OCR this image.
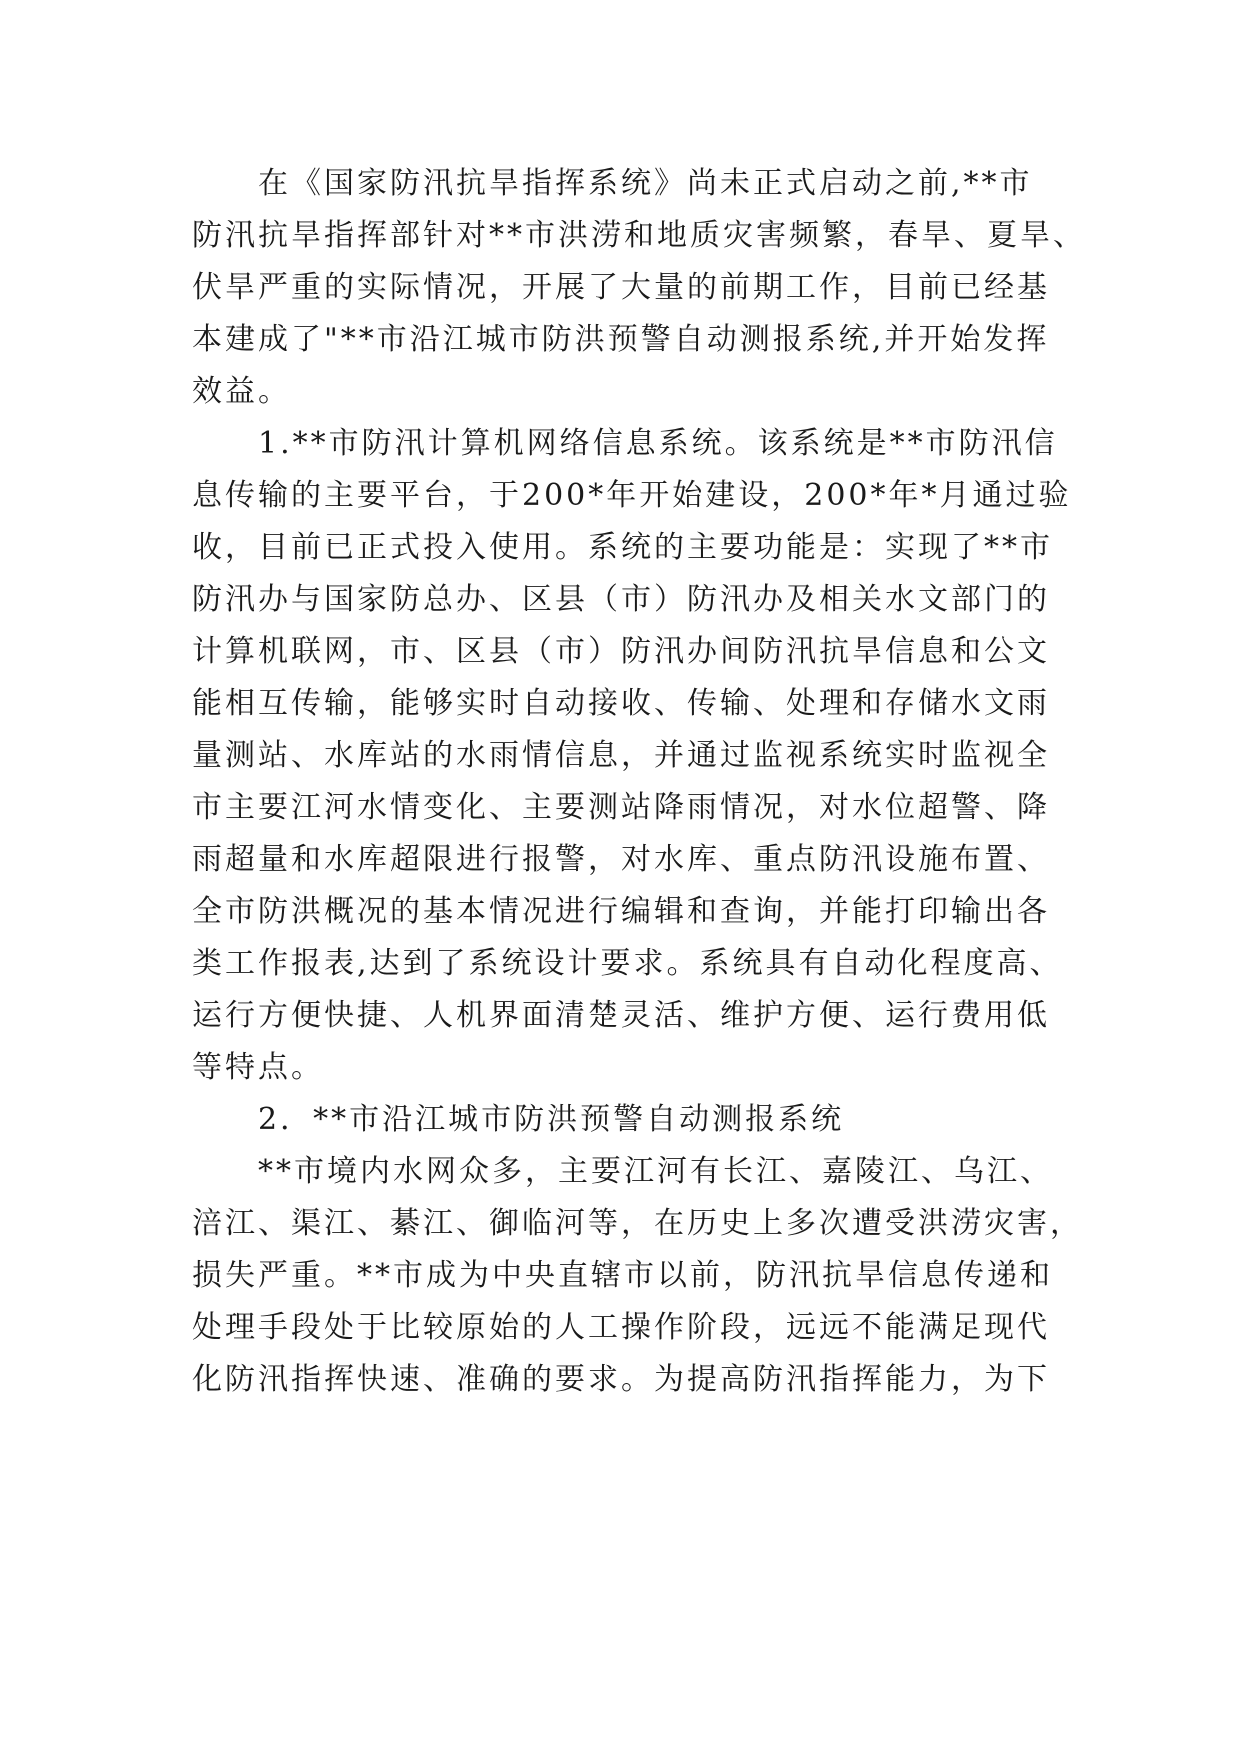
在《国家防汛抗旱指挥系统》尚未正式启动之前,**市
防汛抗旱指挥部针对**市洪涝和地质灾害频繁，春旱、夏旱、
伏旱严重的实际情况，开展了大量的前期工作，目前已经基
本建成了"**市沿江城市防洪预警自动测报系统,并开始发挥
效益。
1.**市防汛计算机网络信息系统。该系统是**市防汛信
息传输的主要平台，于200*年开始建设，200*年*月通过验
收，目前已正式投入使用。系统的主要功能是：实现了**市
防汛办与国家防总办、区县（市）防汛办及相关水文部门的
计算机联网，市、区县（市）防汛办间防汛抗旱信息和公文
能相互传输，能够实时自动接收、传输、处理和存储水文雨
量测站、水库站的水雨情信息，并通过监视系统实时监视全
市主要江河水情变化、主要测站降雨情况，对水位超警、降
雨超量和水库超限进行报警，对水库、重点防汛设施布置、
全市防洪概况的基本情况进行编辑和查询，并能打印输出各
类工作报表,达到了系统设计要求。系统具有自动化程度高、
运行方便快捷、人机界面清楚灵活、维护方便、运行费用低
等特点。
2．**市沿江城市防洪预警自动测报系统
**市境内水网众多，主要江河有长江、嘉陵江、乌江、
涪江、渠江、綦江、御临河等，在历史上多次遭受洪涝灾害，
损失严重。**市成为中央直辖市以前，防汛抗旱信息传递和
处理手段处于比较原始的人工操作阶段，远远不能满足现代
化防汛指挥快速、准确的要求。为提高防汛指挥能力，为下
